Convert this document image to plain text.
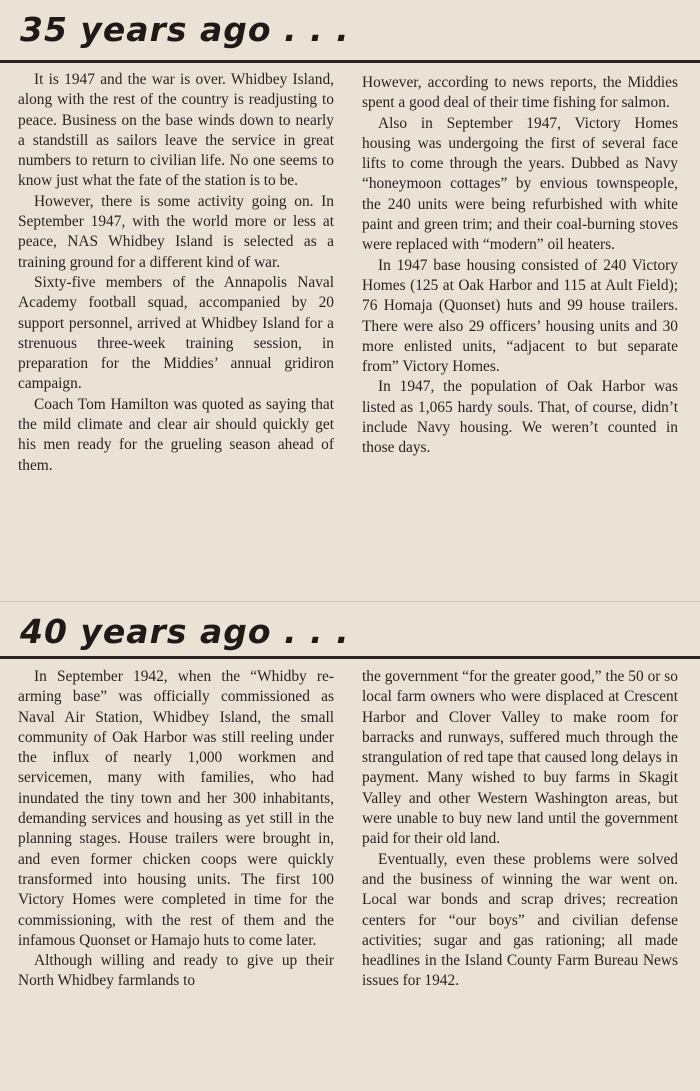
35 years ago . . .

It is 1947 and the war is over. Whidbey Island, along with the rest of the country is readjusting to peace. Business on the base winds down to nearly a standstill as sailors leave the service in great numbers to return to civilian life. No one seems to know just what the fate of the station is to be.

However, there is some activity going on. In September 1947, with the world more or less at peace, NAS Whidbey Island is selected as a training ground for a different kind of war.

Sixty-five members of the Annapolis Naval Academy football squad, accompanied by 20 support personnel, arrived at Whidbey Island for a strenuous three-week training session, in preparation for the Middies’ annual gridiron campaign.

Coach Tom Hamilton was quoted as saying that the mild climate and clear air should quickly get his men ready for the grueling season ahead of them.

However, according to news reports, the Middies spent a good deal of their time fishing for salmon.

Also in September 1947, Victory Homes housing was undergoing the first of several face lifts to come through the years. Dubbed as Navy “honeymoon cottages” by envious townspeople, the 240 units were being refurbished with white paint and green trim; and their coal-burning stoves were replaced with “modern” oil heaters.

In 1947 base housing consisted of 240 Victory Homes (125 at Oak Harbor and 115 at Ault Field); 76 Homaja (Quonset) huts and 99 house trailers. There were also 29 officers’ housing units and 30 more enlisted units, “adjacent to but separate from” Victory Homes.

In 1947, the population of Oak Harbor was listed as 1,065 hardy souls. That, of course, didn’t include Navy housing. We weren’t counted in those days.

40 years ago . . .

In September 1942, when the “Whidby re-arming base” was officially commissioned as Naval Air Station, Whidbey Island, the small community of Oak Harbor was still reeling under the influx of nearly 1,000 workmen and servicemen, many with families, who had inundated the tiny town and her 300 inhabitants, demanding services and housing as yet still in the planning stages. House trailers were brought in, and even former chicken coops were quickly transformed into housing units. The first 100 Victory Homes were completed in time for the commissioning, with the rest of them and the infamous Quonset or Hamajo huts to come later.

Although willing and ready to give up their North Whidbey farmlands to

the government “for the greater good,” the 50 or so local farm owners who were displaced at Crescent Harbor and Clover Valley to make room for barracks and runways, suffered much through the strangulation of red tape that caused long delays in payment. Many wished to buy farms in Skagit Valley and other Western Washington areas, but were unable to buy new land until the government paid for their old land.

Eventually, even these problems were solved and the business of winning the war went on. Local war bonds and scrap drives; recreation centers for “our boys” and civilian defense activities; sugar and gas rationing; all made headlines in the Island County Farm Bureau News issues for 1942.
